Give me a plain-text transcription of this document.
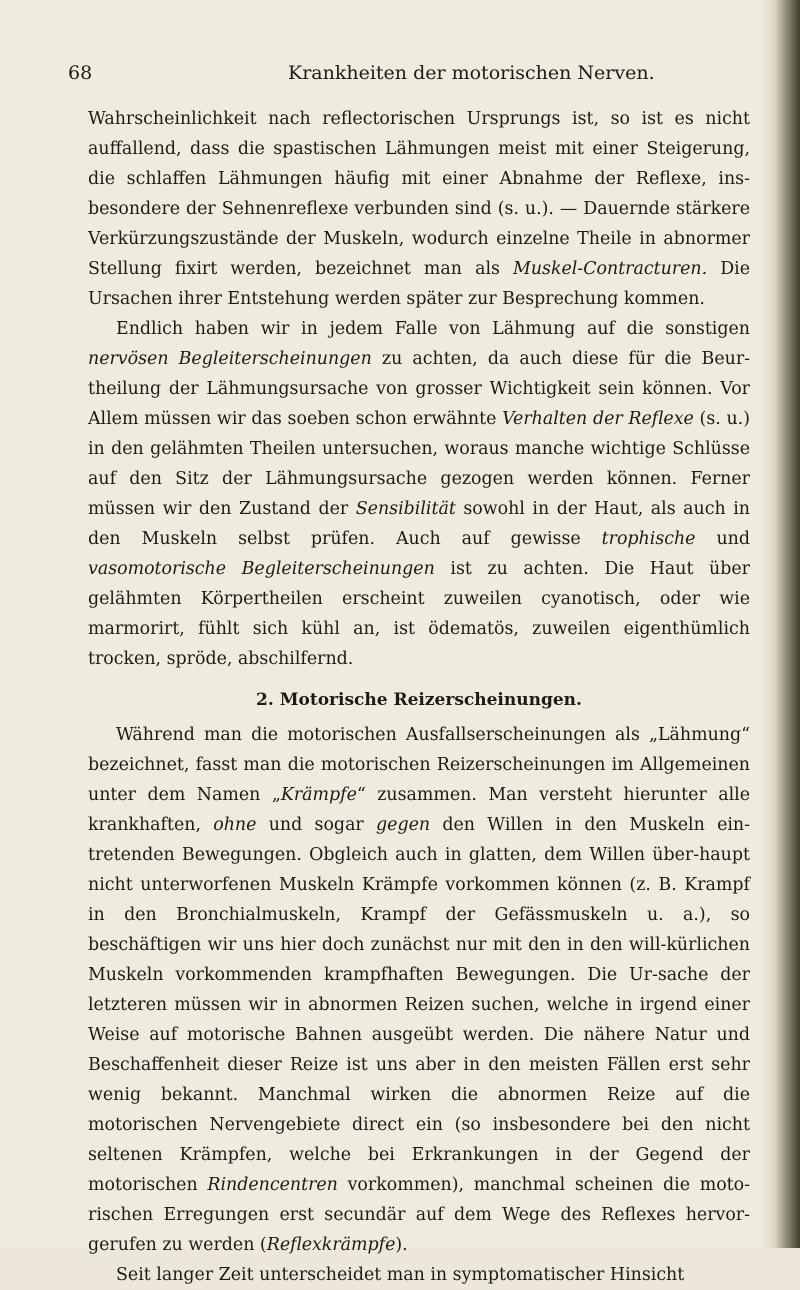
68	Krankheiten der motorischen Nerven.

Wahrscheinlichkeit nach reflectorischen Ursprungs ist, so ist es nicht auffallend, dass die spastischen Lähmungen meist mit einer Steigerung, die schlaffen Lähmungen häufig mit einer Abnahme der Reflexe, ins-besondere der Sehnenreflexe verbunden sind (s. u.). — Dauernde stärkere Verkürzungszustände der Muskeln, wodurch einzelne Theile in abnormer Stellung fixirt werden, bezeichnet man als Muskel-Contracturen. Die Ursachen ihrer Entstehung werden später zur Besprechung kommen.

Endlich haben wir in jedem Falle von Lähmung auf die sonstigen nervösen Begleiterscheinungen zu achten, da auch diese für die Beur-theilung der Lähmungsursache von grosser Wichtigkeit sein können. Vor Allem müssen wir das soeben schon erwähnte Verhalten der Reflexe (s. u.) in den gelähmten Theilen untersuchen, woraus manche wichtige Schlüsse auf den Sitz der Lähmungsursache gezogen werden können. Ferner müssen wir den Zustand der Sensibilität sowohl in der Haut, als auch in den Muskeln selbst prüfen. Auch auf gewisse trophische und vasomotorische Begleiterscheinungen ist zu achten. Die Haut über gelähmten Körpertheilen erscheint zuweilen cyanotisch, oder wie marmorirt, fühlt sich kühl an, ist ödematös, zuweilen eigenthümlich trocken, spröde, abschilfernd.

2. Motorische Reizerscheinungen.

Während man die motorischen Ausfallserscheinungen als „Lähmung“ bezeichnet, fasst man die motorischen Reizerscheinungen im Allgemeinen unter dem Namen „Krämpfe“ zusammen. Man versteht hierunter alle krankhaften, ohne und sogar gegen den Willen in den Muskeln ein-tretenden Bewegungen. Obgleich auch in glatten, dem Willen über-haupt nicht unterworfenen Muskeln Krämpfe vorkommen können (z. B. Krampf in den Bronchialmuskeln, Krampf der Gefässmuskeln u. a.), so beschäftigen wir uns hier doch zunächst nur mit den in den will-kürlichen Muskeln vorkommenden krampfhaften Bewegungen. Die Ur-sache der letzteren müssen wir in abnormen Reizen suchen, welche in irgend einer Weise auf motorische Bahnen ausgeübt werden. Die nähere Natur und Beschaffenheit dieser Reize ist uns aber in den meisten Fällen erst sehr wenig bekannt. Manchmal wirken die abnormen Reize auf die motorischen Nervengebiete direct ein (so insbesondere bei den nicht seltenen Krämpfen, welche bei Erkrankungen in der Gegend der motorischen Rindencentren vorkommen), manchmal scheinen die moto-rischen Erregungen erst secundär auf dem Wege des Reflexes hervor-gerufen zu werden (Reflexkrämpfe).

Seit langer Zeit unterscheidet man in symptomatischer Hinsicht
